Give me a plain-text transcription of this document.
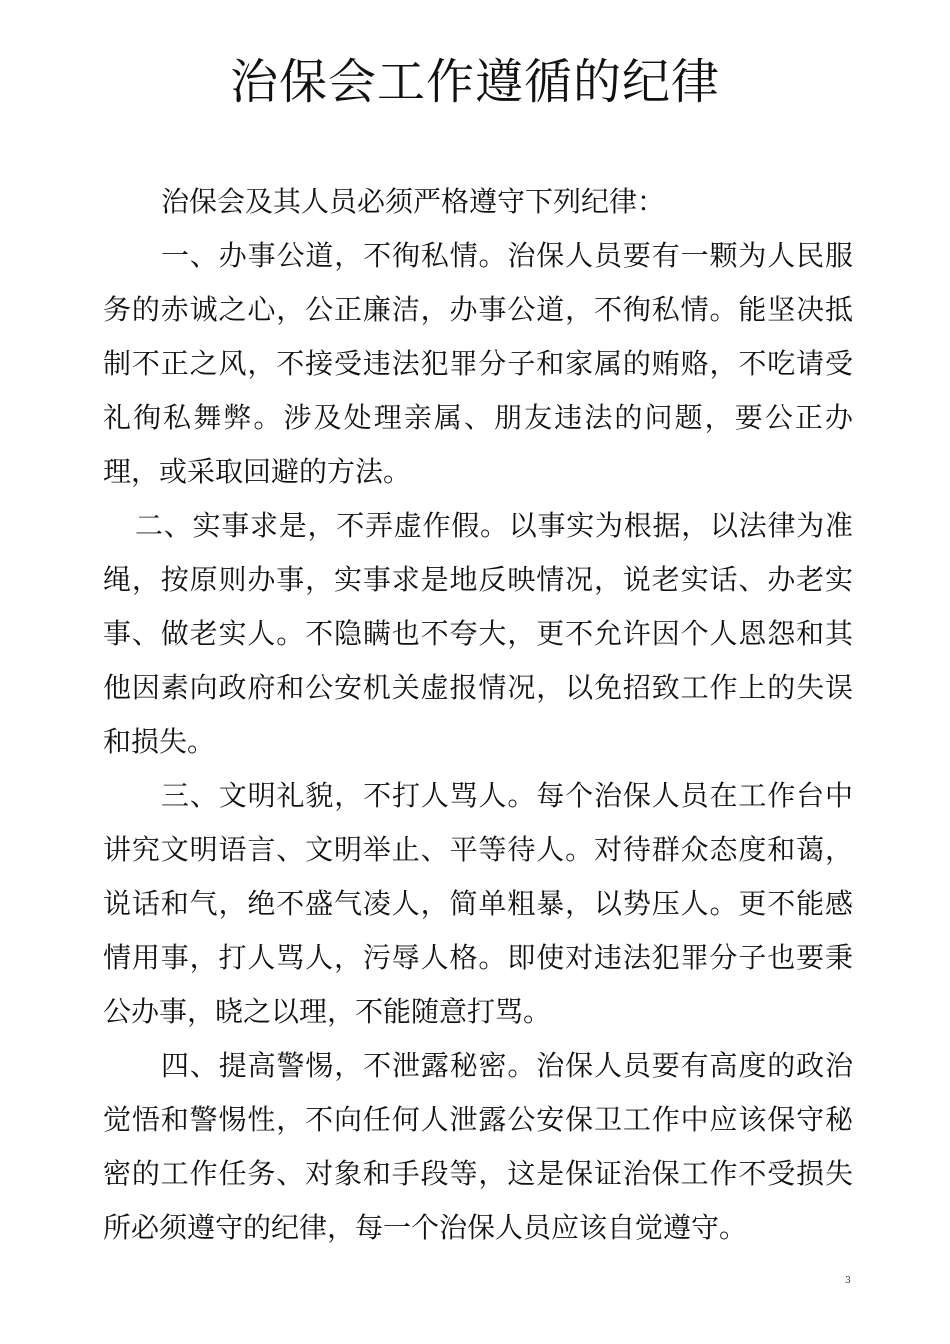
治保会工作遵循的纪律

治保会及其人员必须严格遵守下列纪律：

一、办事公道，不徇私情。治保人员要有一颗为人民服务的赤诚之心，公正廉洁，办事公道，不徇私情。能坚决抵制不正之风，不接受违法犯罪分子和家属的贿赂，不吃请受礼徇私舞弊。涉及处理亲属、朋友违法的问题，要公正办理，或采取回避的方法。

二、实事求是，不弄虚作假。以事实为根据，以法律为准绳，按原则办事，实事求是地反映情况，说老实话、办老实事、做老实人。不隐瞒也不夸大，更不允许因个人恩怨和其他因素向政府和公安机关虚报情况，以免招致工作上的失误和损失。

三、文明礼貌，不打人骂人。每个治保人员在工作台中讲究文明语言、文明举止、平等待人。对待群众态度和蔼，说话和气，绝不盛气凌人，简单粗暴，以势压人。更不能感情用事，打人骂人，污辱人格。即使对违法犯罪分子也要秉公办事，晓之以理，不能随意打骂。

四、提高警惕，不泄露秘密。治保人员要有高度的政治觉悟和警惕性，不向任何人泄露公安保卫工作中应该保守秘密的工作任务、对象和手段等，这是保证治保工作不受损失所必须遵守的纪律，每一个治保人员应该自觉遵守。

3
